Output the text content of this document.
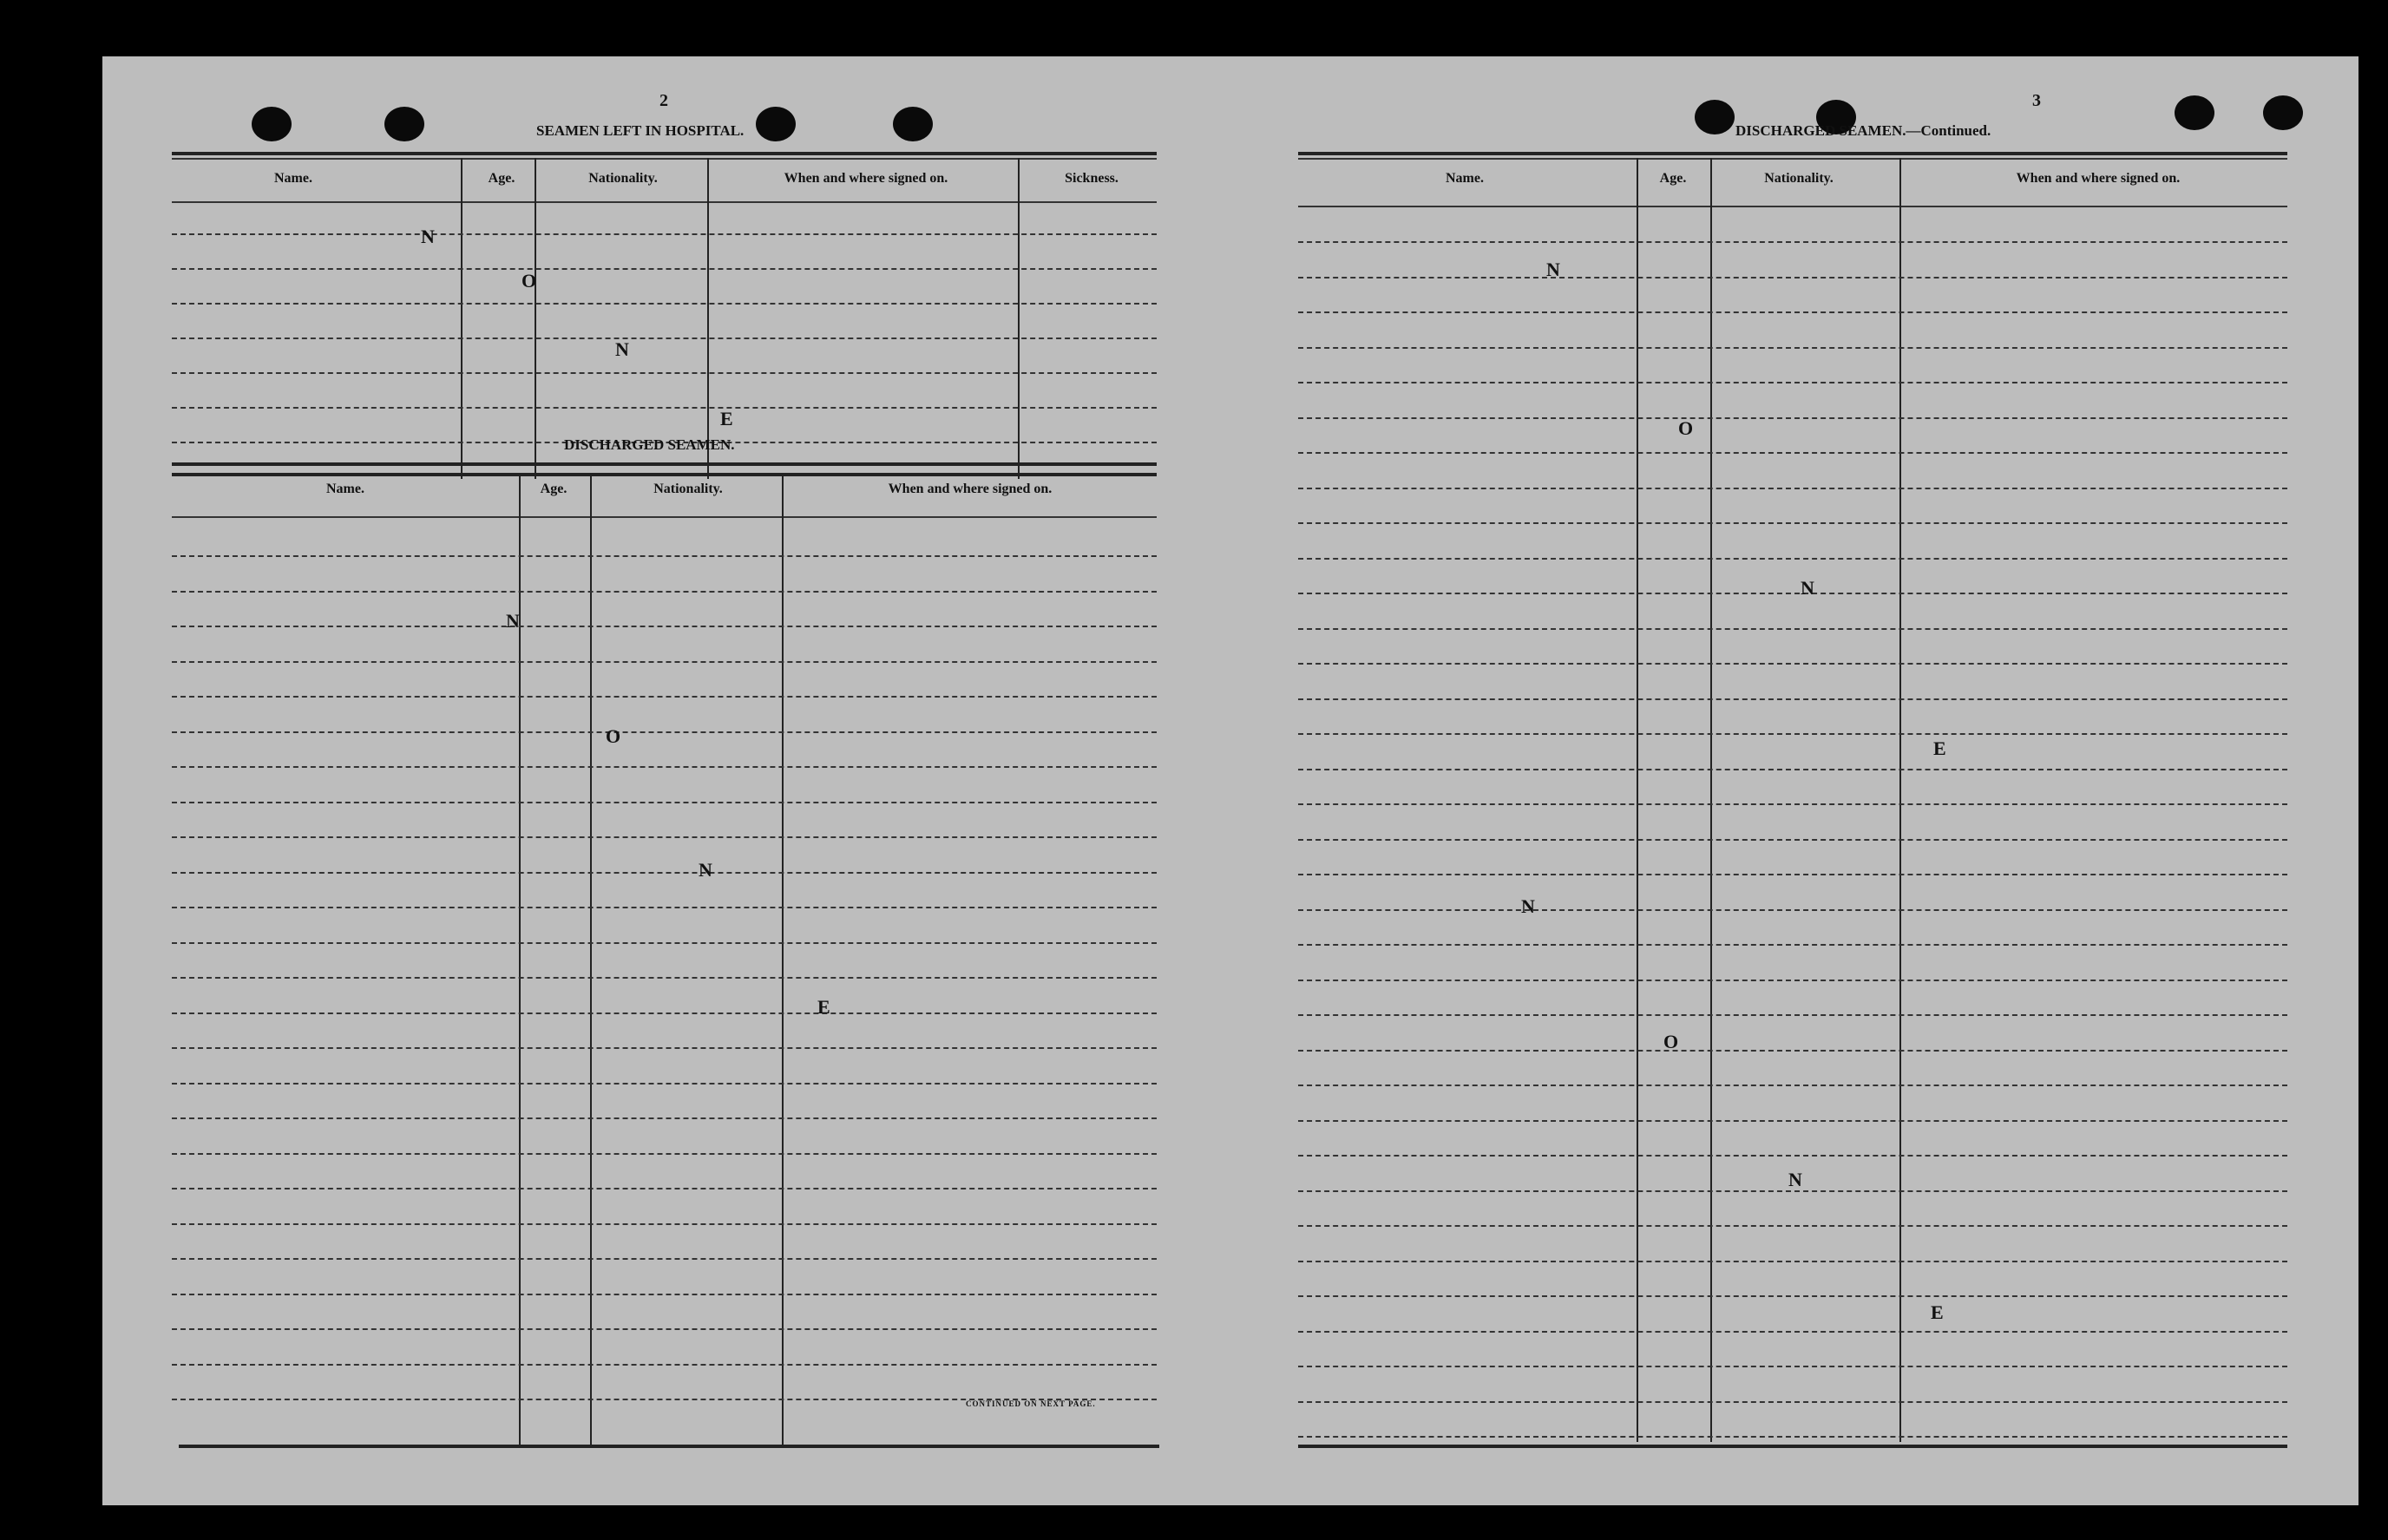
2
SEAMEN LEFT IN HOSPITAL.
Name.	Age.	Nationality.	When and where signed on.	Sickness.
DISCHARGED SEAMEN.
Name.	Age.	Nationality.	When and where signed on.
CONTINUED ON NEXT PAGE.
N
O
N
E
N
O
N
E
3
DISCHARGED SEAMEN.—Continued.
Name.	Age.	Nationality.	When and where signed on.
N
O
N
E
N
O
N
E
